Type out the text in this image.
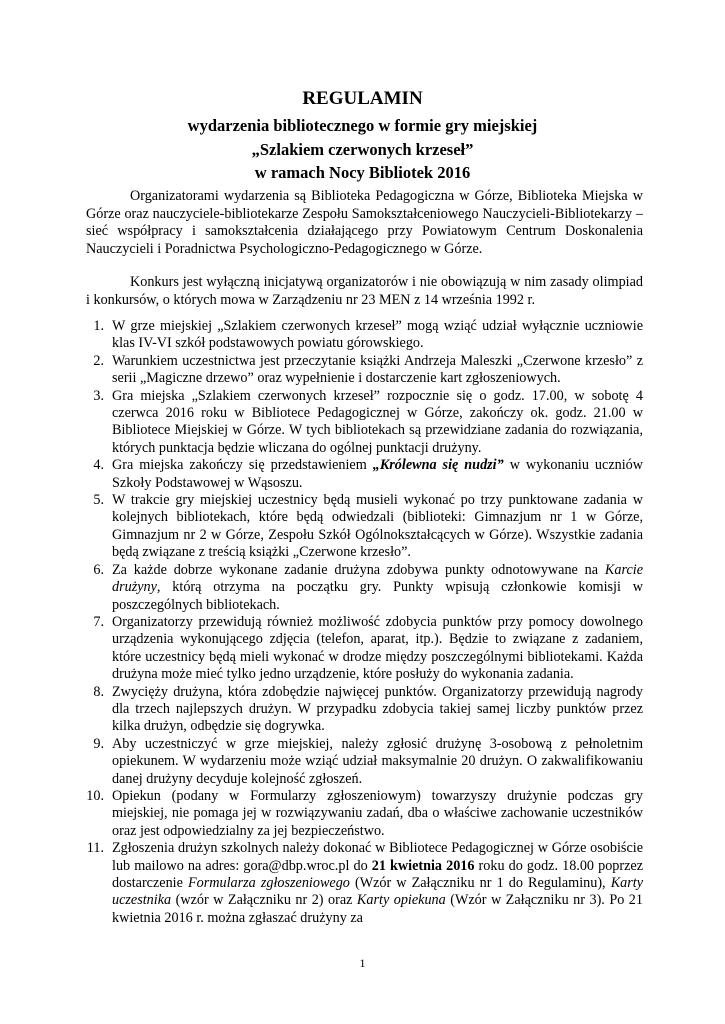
REGULAMIN
wydarzenia bibliotecznego w formie gry miejskiej
„Szlakiem czerwonych krzeseł”
w ramach Nocy Bibliotek 2016

Organizatorami wydarzenia są Biblioteka Pedagogiczna w Górze, Biblioteka Miejska w Górze oraz nauczyciele-bibliotekarze Zespołu Samokształceniowego Nauczycieli-Bibliotekarzy – sieć współpracy i samokształcenia działającego przy Powiatowym Centrum Doskonalenia Nauczycieli i Poradnictwa Psychologiczno-Pedagogicznego w Górze.

Konkurs jest wyłączną inicjatywą organizatorów i nie obowiązują w nim zasady olimpiad i konkursów, o których mowa w Zarządzeniu nr 23 MEN z 14 września 1992 r.

1. W grze miejskiej „Szlakiem czerwonych krzeseł” mogą wziąć udział wyłącznie uczniowie klas IV-VI szkół podstawowych powiatu górowskiego.
2. Warunkiem uczestnictwa jest przeczytanie książki Andrzeja Maleszki „Czerwone krzesło” z serii „Magiczne drzewo” oraz wypełnienie i dostarczenie kart zgłoszeniowych.
3. Gra miejska „Szlakiem czerwonych krzeseł” rozpocznie się o godz. 17.00, w sobotę 4 czerwca 2016 roku w Bibliotece Pedagogicznej w Górze, zakończy ok. godz. 21.00 w Bibliotece Miejskiej w Górze. W tych bibliotekach są przewidziane zadania do rozwiązania, których punktacja będzie wliczana do ogólnej punktacji drużyny.
4. Gra miejska zakończy się przedstawieniem „Królewna się nudzi” w wykonaniu uczniów Szkoły Podstawowej w Wąsoszu.
5. W trakcie gry miejskiej uczestnicy będą musieli wykonać po trzy punktowane zadania w kolejnych bibliotekach, które będą odwiedzali (biblioteki: Gimnazjum nr 1 w Górze, Gimnazjum nr 2 w Górze, Zespołu Szkół Ogólnokształcących w Górze). Wszystkie zadania będą związane z treścią książki „Czerwone krzesło”.
6. Za każde dobrze wykonane zadanie drużyna zdobywa punkty odnotowywane na Karcie drużyny, którą otrzyma na początku gry. Punkty wpisują członkowie komisji w poszczególnych bibliotekach.
7. Organizatorzy przewidują również możliwość zdobycia punktów przy pomocy dowolnego urządzenia wykonującego zdjęcia (telefon, aparat, itp.). Będzie to związane z zadaniem, które uczestnicy będą mieli wykonać w drodze między poszczególnymi bibliotekami. Każda drużyna może mieć tylko jedno urządzenie, które posłuży do wykonania zadania.
8. Zwycięży drużyna, która zdobędzie najwięcej punktów. Organizatorzy przewidują nagrody dla trzech najlepszych drużyn. W przypadku zdobycia takiej samej liczby punktów przez kilka drużyn, odbędzie się dogrywka.
9. Aby uczestniczyć w grze miejskiej, należy zgłosić drużynę 3-osobową z pełnoletnim opiekunem. W wydarzeniu może wziąć udział maksymalnie 20 drużyn. O zakwalifikowaniu danej drużyny decyduje kolejność zgłoszeń.
10. Opiekun (podany w Formularzy zgłoszeniowym) towarzyszy drużynie podczas gry miejskiej, nie pomaga jej w rozwiązywaniu zadań, dba o właściwe zachowanie uczestników oraz jest odpowiedzialny za jej bezpieczeństwo.
11. Zgłoszenia drużyn szkolnych należy dokonać w Bibliotece Pedagogicznej w Górze osobiście lub mailowo na adres: gora@dbp.wroc.pl do 21 kwietnia 2016 roku do godz. 18.00 poprzez dostarczenie Formularza zgłoszeniowego (Wzór w Załączniku nr 1 do Regulaminu), Karty uczestnika (wzór w Załączniku nr 2) oraz Karty opiekuna (Wzór w Załączniku nr 3). Po 21 kwietnia 2016 r. można zgłaszać drużyny za

1
